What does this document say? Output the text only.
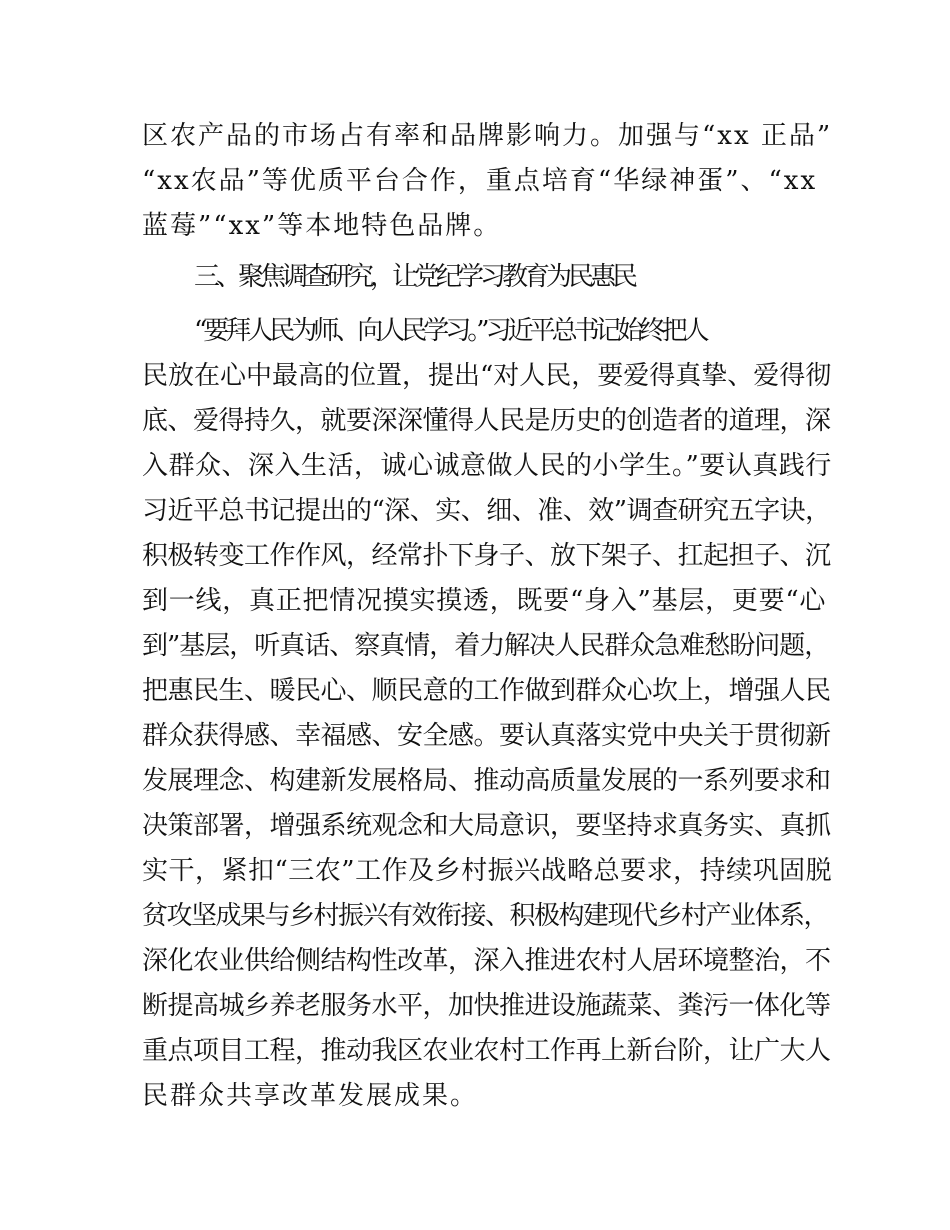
区农产品的市场占有率和品牌影响力。加强与“xx 正品”
“xx农品”等优质平台合作，重点培育“华绿神蛋”、“xx
蓝莓”“xx”等本地特色品牌。
三、聚焦调查研究，让党纪学习教育为民惠民
“要拜人民为师、向人民学习。”习近平总书记始终把人
民放在心中最高的位置，提出“对人民，要爱得真挚、爱得彻
底、爱得持久，就要深深懂得人民是历史的创造者的道理，深
入群众、深入生活，诚心诚意做人民的小学生。”要认真践行
习近平总书记提出的“深、实、细、准、效”调查研究五字诀，
积极转变工作作风，经常扑下身子、放下架子、扛起担子、沉
到一线，真正把情况摸实摸透，既要“身入”基层，更要“心
到”基层，听真话、察真情，着力解决人民群众急难愁盼问题，
把惠民生、暖民心、顺民意的工作做到群众心坎上，增强人民
群众获得感、幸福感、安全感。要认真落实党中央关于贯彻新
发展理念、构建新发展格局、推动高质量发展的一系列要求和
决策部署，增强系统观念和大局意识，要坚持求真务实、真抓
实干，紧扣“三农”工作及乡村振兴战略总要求，持续巩固脱
贫攻坚成果与乡村振兴有效衔接、积极构建现代乡村产业体系，
深化农业供给侧结构性改革，深入推进农村人居环境整治，不
断提高城乡养老服务水平，加快推进设施蔬菜、粪污一体化等
重点项目工程，推动我区农业农村工作再上新台阶，让广大人
民群众共享改革发展成果。
